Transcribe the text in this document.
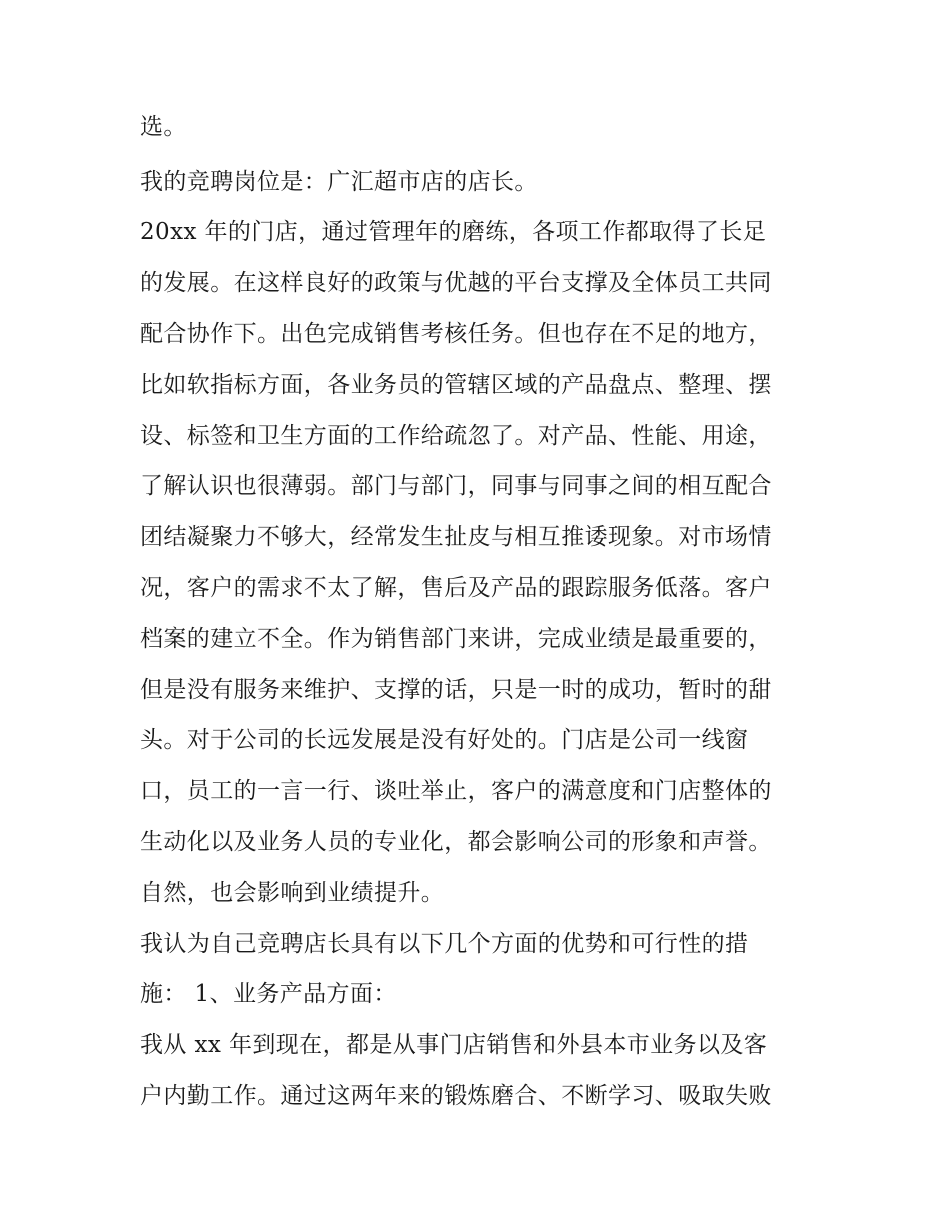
选。
我的竞聘岗位是：广汇超市店的店长。
20xx 年的门店，通过管理年的磨练，各项工作都取得了长足
的发展。在这样良好的政策与优越的平台支撑及全体员工共同
配合协作下。出色完成销售考核任务。但也存在不足的地方，
比如软指标方面，各业务员的管辖区域的产品盘点、整理、摆
设、标签和卫生方面的工作给疏忽了。对产品、性能、用途，
了解认识也很薄弱。部门与部门，同事与同事之间的相互配合
团结凝聚力不够大，经常发生扯皮与相互推诿现象。对市场情
况，客户的需求不太了解，售后及产品的跟踪服务低落。客户
档案的建立不全。作为销售部门来讲，完成业绩是最重要的，
但是没有服务来维护、支撑的话，只是一时的成功，暂时的甜
头。对于公司的长远发展是没有好处的。门店是公司一线窗
口，员工的一言一行、谈吐举止，客户的满意度和门店整体的
生动化以及业务人员的专业化，都会影响公司的形象和声誉。
自然，也会影响到业绩提升。
我认为自己竞聘店长具有以下几个方面的优势和可行性的措
施： 1、业务产品方面：
我从 xx 年到现在，都是从事门店销售和外县本市业务以及客
户内勤工作。通过这两年来的锻炼磨合、不断学习、吸取失败
